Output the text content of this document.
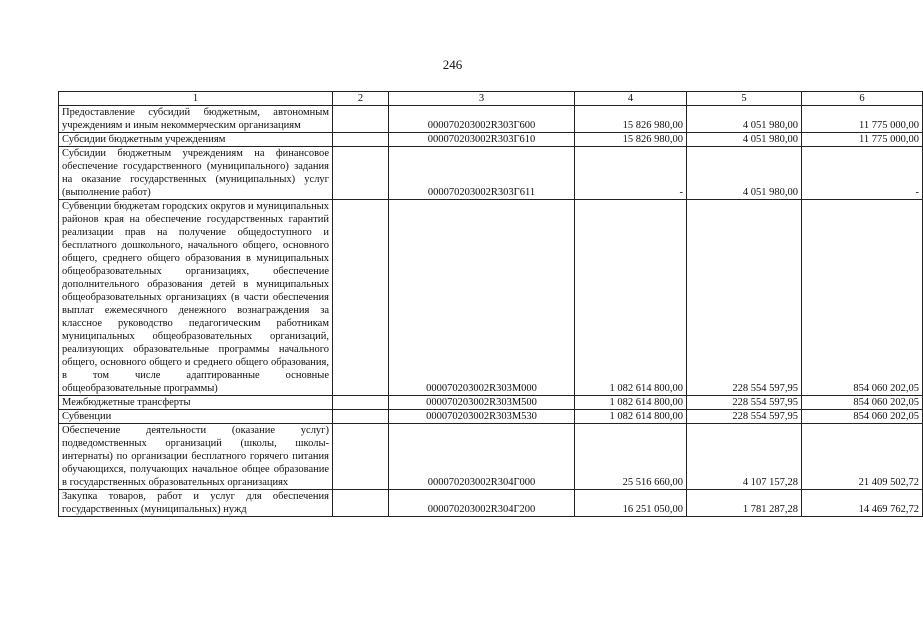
246
1	2	3	4	5	6
Предоставление субсидий бюджетным, автономным учреждениям и иным некоммерческим организациям		000070203002R303Г600	15 826 980,00	4 051 980,00	11 775 000,00
Субсидии бюджетным учреждениям		000070203002R303Г610	15 826 980,00	4 051 980,00	11 775 000,00
Субсидии бюджетным учреждениям на финансовое обеспечение государственного (муниципального) задания на оказание государственных (муниципальных) услуг (выполнение работ)		000070203002R303Г611	-	4 051 980,00	-
Субвенции бюджетам городских округов и муниципальных районов края на обеспечение государственных гарантий реализации прав на получение общедоступного и бесплатного дошкольного, начального общего, основного общего, среднего общего образования в муниципальных общеобразовательных организациях, обеспечение дополнительного образования детей в муниципальных общеобразовательных организациях (в части обеспечения выплат ежемесячного денежного вознаграждения за классное руководство педагогическим работникам муниципальных общеобразовательных организаций, реализующих образовательные программы начального общего, основного общего и среднего общего образования, в том числе адаптированные основные общеобразовательные программы)		000070203002R303М000	1 082 614 800,00	228 554 597,95	854 060 202,05
Межбюджетные трансферты		000070203002R303М500	1 082 614 800,00	228 554 597,95	854 060 202,05
Субвенции		000070203002R303М530	1 082 614 800,00	228 554 597,95	854 060 202,05
Обеспечение деятельности (оказание услуг) подведомственных организаций (школы, школы-интернаты) по организации бесплатного горячего питания обучающихся, получающих начальное общее образование в государственных образовательных организациях		000070203002R304Г000	25 516 660,00	4 107 157,28	21 409 502,72
Закупка товаров, работ и услуг для обеспечения государственных (муниципальных) нужд		000070203002R304Г200	16 251 050,00	1 781 287,28	14 469 762,72
